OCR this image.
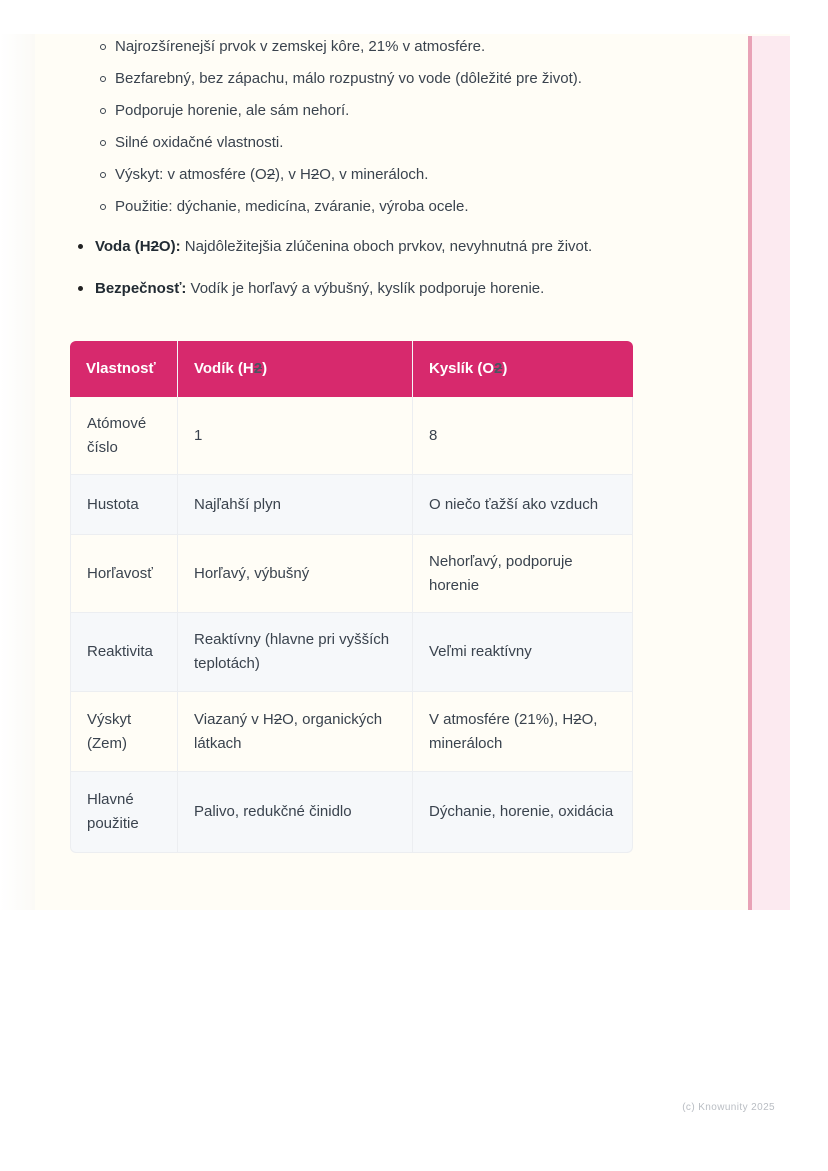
Najrozšírenejší prvok v zemskej kôre, 21% v atmosfére.
Bezfarebný, bez zápachu, málo rozpustný vo vode (dôležité pre život).
Podporuje horenie, ale sám nehorí.
Silné oxidačné vlastnosti.
Výskyt: v atmosfére (O2), v H2O, v mineráloch.
Použitie: dýchanie, medicína, zváranie, výroba ocele.
Voda (H2O): Najdôležitejšia zlúčenina oboch prvkov, nevyhnutná pre život.
Bezpečnosť: Vodík je horľavý a výbušný, kyslík podporuje horenie.
Vlastnosť	Vodík (H2)	Kyslík (O2)
Atómové číslo	1	8
Hustota	Najľahší plyn	O niečo ťažší ako vzduch
Horľavosť	Horľavý, výbušný	Nehorľavý, podporuje horenie
Reaktivita	Reaktívny (hlavne pri vyšších teplotách)	Veľmi reaktívny
Výskyt (Zem)	Viazaný v H2O, organických látkach	V atmosfére (21%), H2O, mineráloch
Hlavné použitie	Palivo, redukčné činidlo	Dýchanie, horenie, oxidácia
(c) Knowunity 2025
